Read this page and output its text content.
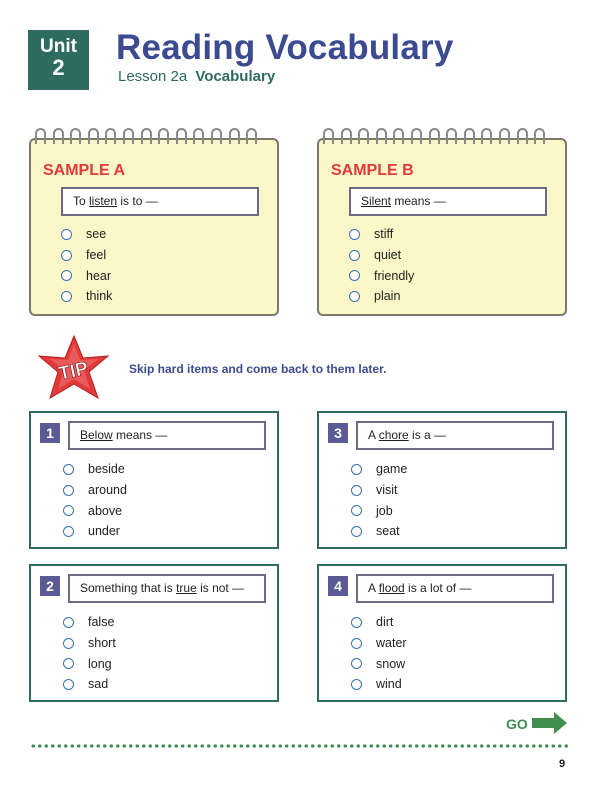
Unit
2
Reading Vocabulary
Lesson 2a Vocabulary
SAMPLE A
To listen is to —
see
feel
hear
think
SAMPLE B
Silent means —
stiff
quiet
friendly
plain
TIP	Skip hard items and come back to them later.
1	Below means —
beside
around
above
under
3	A chore is a —
game
visit
job
seat
2	Something that is true is not —
false
short
long
sad
4	A flood is a lot of —
dirt
water
snow
wind
GO
9
